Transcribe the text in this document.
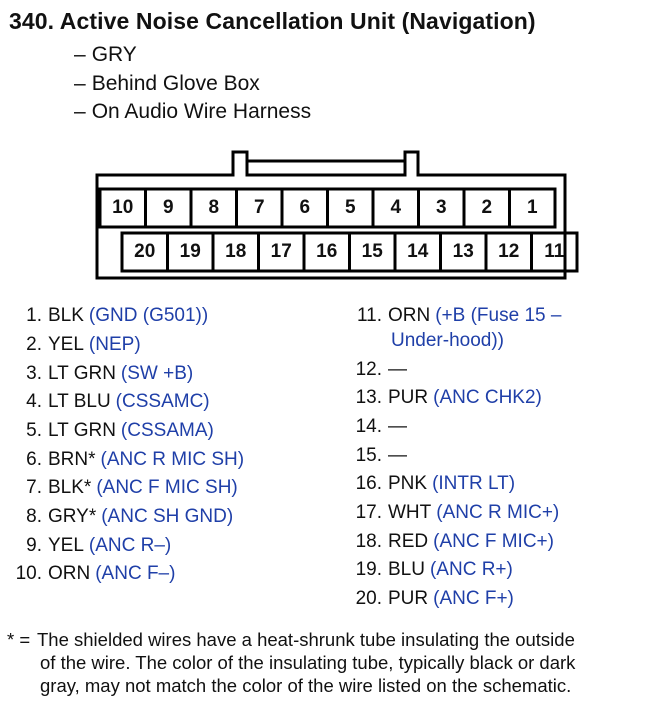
340. Active Noise Cancellation Unit (Navigation)
– GRY
– Behind Glove Box
– On Audio Wire Harness
10	9	8	7	6	5	4	3	2	1
20	19	18	17	16	15	14	13	12	11
1. BLK (GND (G501))
2. YEL (NEP)
3. LT GRN (SW +B)
4. LT BLU (CSSAMC)
5. LT GRN (CSSAMA)
6. BRN* (ANC R MIC SH)
7. BLK* (ANC F MIC SH)
8. GRY* (ANC SH GND)
9. YEL (ANC R–)
10. ORN (ANC F–)
11. ORN (+B (Fuse 15 –
Under-hood))
12. —
13. PUR (ANC CHK2)
14. —
15. —
16. PNK (INTR LT)
17. WHT (ANC R MIC+)
18. RED (ANC F MIC+)
19. BLU (ANC R+)
20. PUR (ANC F+)
* = The shielded wires have a heat-shrunk tube insulating the outside
of the wire. The color of the insulating tube, typically black or dark
gray, may not match the color of the wire listed on the schematic.
